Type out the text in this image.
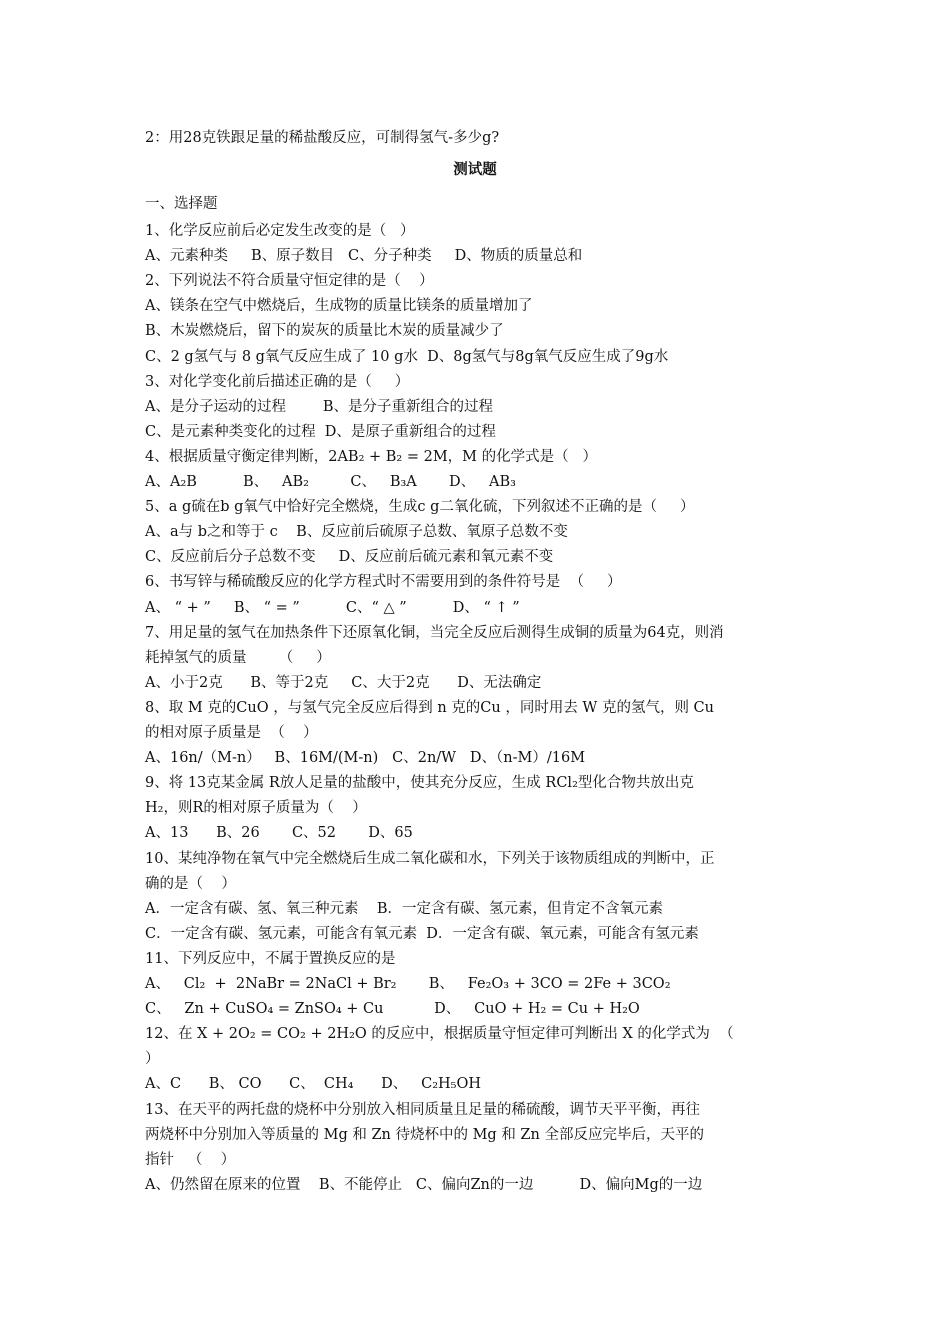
2：用28克铁跟足量的稀盐酸反应，可制得氢气-多少g?
测试题
一、选择题
1、化学反应前后必定发生改变的是（   ）
A、元素种类     B、原子数目   C、分子种类     D、物质的质量总和
2、下列说法不符合质量守恒定律的是（    ）
A、镁条在空气中燃烧后，生成物的质量比镁条的质量增加了
B、木炭燃烧后，留下的炭灰的质量比木炭的质量减少了
C、2 g氢气与 8 g氧气反应生成了 10 g水  D、8g氢气与8g氧气反应生成了9g水
3、对化学变化前后描述正确的是（     ）
A、是分子运动的过程        B、是分子重新组合的过程
C、是元素种类变化的过程  D、是原子重新组合的过程
4、根据质量守衡定律判断，2AB₂ + B₂ = 2M，M 的化学式是（   ）
A、A₂B          B、   AB₂         C、   B₃A       D、   AB₃
5、a g硫在b g氧气中恰好完全燃烧，生成c g二氧化硫，下列叙述不正确的是（     ）
A、a与 b之和等于 c    B、反应前后硫原子总数、氧原子总数不变
C、反应前后分子总数不变     D、反应前后硫元素和氧元素不变
6、书写锌与稀硫酸反应的化学方程式时不需要用到的条件符号是  （     ）
A、 “ + ”     B、 “ = ”          C、“ △ ”          D、 “ ↑ ”
7、用足量的氢气在加热条件下还原氧化铜，当完全反应后测得生成铜的质量为64克，则消
耗掉氢气的质量       （     ）
A、小于2克      B、等于2克     C、大于2克      D、无法确定
8、取 M 克的CuO ，与氢气完全反应后得到 n 克的Cu ，同时用去 W 克的氢气，则 Cu
的相对原子质量是  （    ）
A、16n/（M-n）   B、16M/(M-n)   C、2n/W   D、（n-M）/16M
9、将 13克某金属 R放人足量的盐酸中，使其充分反应，生成 RCl₂型化合物共放出克
H₂，则R的相对原子质量为（    ）
A、13      B、26       C、52       D、65
10、某纯净物在氧气中完全燃烧后生成二氧化碳和水，下列关于该物质组成的判断中，正
确的是（    ）
A．一定含有碳、氢、氧三种元素    B．一定含有碳、氢元素，但肯定不含氧元素
C．一定含有碳、氢元素，可能含有氧元素  D．一定含有碳、氧元素，可能含有氢元素
11、下列反应中，不属于置换反应的是
A、   Cl₂  +  2NaBr = 2NaCl + Br₂       B、   Fe₂O₃ + 3CO = 2Fe + 3CO₂
C、   Zn + CuSO₄ = ZnSO₄ + Cu           D、   CuO + H₂ = Cu + H₂O
12、在 X + 2O₂ = CO₂ + 2H₂O 的反应中，根据质量守恒定律可判断出 X 的化学式为  （
）
A、C      B、 CO      C、  CH₄      D、   C₂H₅OH
13、在天平的两托盘的烧杯中分别放入相同质量且足量的稀硫酸，调节天平平衡，再往
两烧杯中分别加入等质量的 Mg 和 Zn 待烧杯中的 Mg 和 Zn 全部反应完毕后，天平的
指针   （    ）
A、仍然留在原来的位置    B、不能停止   C、偏向Zn的一边          D、偏向Mg的一边
